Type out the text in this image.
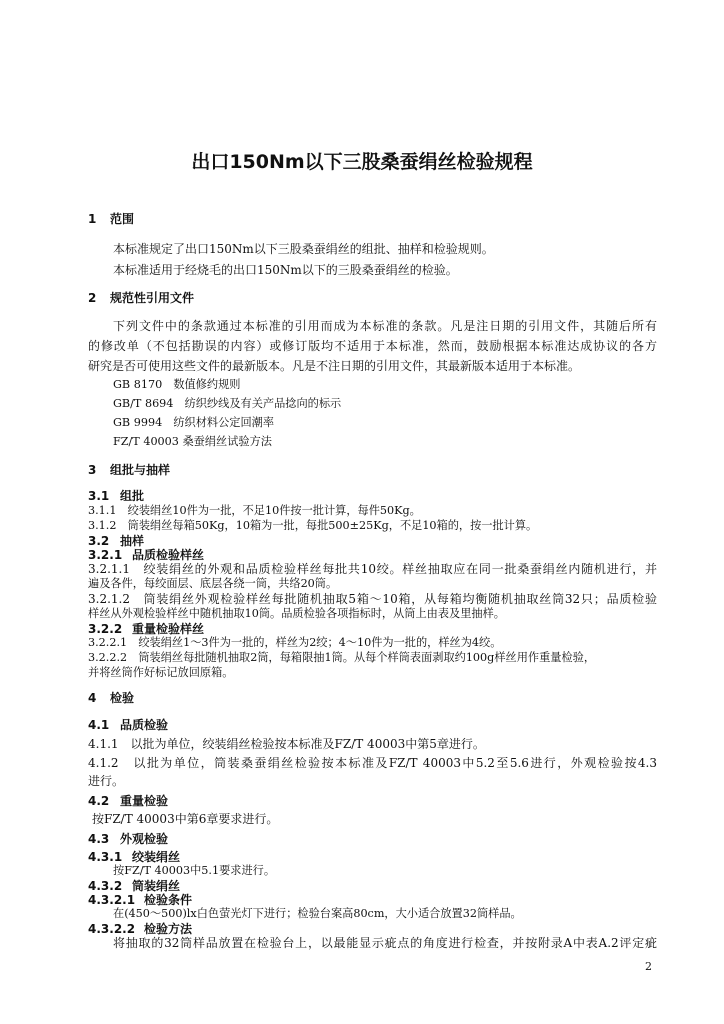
出口150Nm以下三股桑蚕绢丝检验规程
1 范围
本标准规定了出口150Nm以下三股桑蚕绢丝的组批、抽样和检验规则。
本标准适用于经烧毛的出口150Nm以下的三股桑蚕绢丝的检验。
2 规范性引用文件
下列文件中的条款通过本标准的引用而成为本标准的条款。凡是注日期的引用文件，其随后所有
的修改单（不包括勘误的内容）或修订版均不适用于本标准，然而，鼓励根据本标准达成协议的各方
研究是否可使用这些文件的最新版本。凡是不注日期的引用文件，其最新版本适用于本标准。
GB 8170　数值修约规则
GB/T 8694　纺织纱线及有关产品捻向的标示
GB 9994　纺织材料公定回潮率
FZ/T 40003 桑蚕绢丝试验方法
3 组批与抽样
3.1 组批
3.1.1　绞装绢丝10件为一批，不足10件按一批计算，每件50Kg。
3.1.2　筒装绢丝每箱50Kg，10箱为一批，每批500±25Kg，不足10箱的，按一批计算。
3.2 抽样
3.2.1 品质检验样丝
3.2.1.1　绞装绢丝的外观和品质检验样丝每批共10绞。样丝抽取应在同一批桑蚕绢丝内随机进行，并
遍及各件，每绞面层、底层各绕一筒，共络20筒。
3.2.1.2　筒装绢丝外观检验样丝每批随机抽取5箱～10箱，从每箱均衡随机抽取丝筒32只；品质检验
样丝从外观检验样丝中随机抽取10筒。品质检验各项指标时，从筒上由表及里抽样。
3.2.2 重量检验样丝
3.2.2.1　绞装绢丝1～3件为一批的，样丝为2绞；4～10件为一批的，样丝为4绞。
3.2.2.2　筒装绢丝每批随机抽取2筒，每箱限抽1筒。从每个样筒表面剥取约100g样丝用作重量检验，
并将丝筒作好标记放回原箱。
4 检验
4.1 品质检验
4.1.1　以批为单位，绞装绢丝检验按本标准及FZ/T 40003中第5章进行。
4.1.2　以批为单位，筒装桑蚕绢丝检验按本标准及FZ/T 40003中5.2至5.6进行，外观检验按4.3
进行。
4.2 重量检验
按FZ/T 40003中第6章要求进行。
4.3 外观检验
4.3.1 绞装绢丝
按FZ/T 40003中5.1要求进行。
4.3.2 筒装绢丝
4.3.2.1 检验条件
在(450～500)lx白色萤光灯下进行；检验台案高80cm，大小适合放置32筒样品。
4.3.2.2 检验方法
将抽取的32筒样品放置在检验台上，以最能显示疵点的角度进行检查，并按附录A中表A.2评定疵
2
